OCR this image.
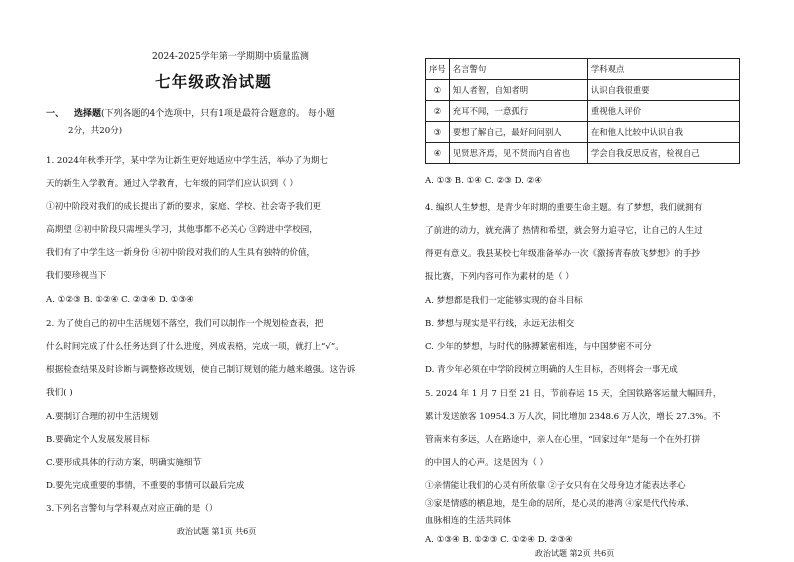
2024-2025学年第一学期期中质量监测
七年级政治试题
一、 选择题(下列各题的4个选项中，只有1项是最符合题意的。 每小题
2分，共20分)
1. 2024年秋季开学，某中学为让新生更好地适应中学生活，举办了为期七
天的新生入学教育。通过入学教育，七年级的同学们应认识到（ ）
①初中阶段对我们的成长提出了新的要求，家庭、学校、社会寄予我们更
高期望 ②初中阶段只需埋头学习，其他事都不必关心 ③跨进中学校园，
我们有了中学生这一新身份 ④初中阶段对我们的人生具有独特的价值，
我们要珍视当下
A. ①②③ B. ①②④ C. ②③④ D. ①③④
2. 为了使自己的初中生活规划不落空，我们可以制作一个规划检查表，把
什么时间完成了什么任务达到了什么进度，列成表格，完成一项，就打上“√”。
根据检查结果及时诊断与调整修改规划，使自己制订规划的能力越来越强。这告诉
我们( )
A.要制订合理的初中生活规划
B.要确定个人发展发展目标
C.要形成具体的行动方案，明确实施细节
D.要先完成重要的事情，不重要的事情可以最后完成
3.下列名言警句与学科观点对应正确的是（）
政治试题 第1页 共6页
序号	名言警句	学科观点
①	知人者智，自知者明	认识自我很重要
②	充耳不闻，一意孤行	重视他人评价
③	要想了解自己，最好问问别人	在和他人比较中认识自我
④	见贤思齐焉，见不贤而内自省也	学会自我反思反省，检视自己
A. ①③ B. ①④ C. ②③ D. ②④
4. 编织人生梦想，是青少年时期的重要生命主题。有了梦想，我们就拥有
了前进的动力，就充满了 热情和希望，就会努力追寻它，让自己的人生过
得更有意义。我县某校七年级准备举办一次《激扬青春放飞梦想》的手抄
报比赛，下列内容可作为素材的是（ ）
A. 梦想都是我们一定能够实现的奋斗目标
B. 梦想与现实是平行线，永远无法相交
C. 少年的梦想，与时代的脉搏紧密相连，与中国梦密不可分
D. 青少年必须在中学阶段树立明确的人生目标，否则将会一事无成
5. 2024 年 1 月 7 日至 21 日，节前春运 15 天，全国铁路客运量大幅回升，
累计发送旅客 10954.3 万人次，同比增加 2348.6 万人次，增长 27.3%。不
管南来有多远，人在路途中，亲人在心里，“回家过年”是每一个在外打拼
的中国人的心声。这是因为（ ）
①亲情能让我们的心灵有所依靠 ②子女只有在父母身边才能表达孝心
③家是情感的栖息地，是生命的居所，是心灵的港湾 ④家是代代传承、
血脉相连的生活共同体
A. ①③④ B. ①②③ C. ①②④ D. ②③④
政治试题 第2页 共6页
